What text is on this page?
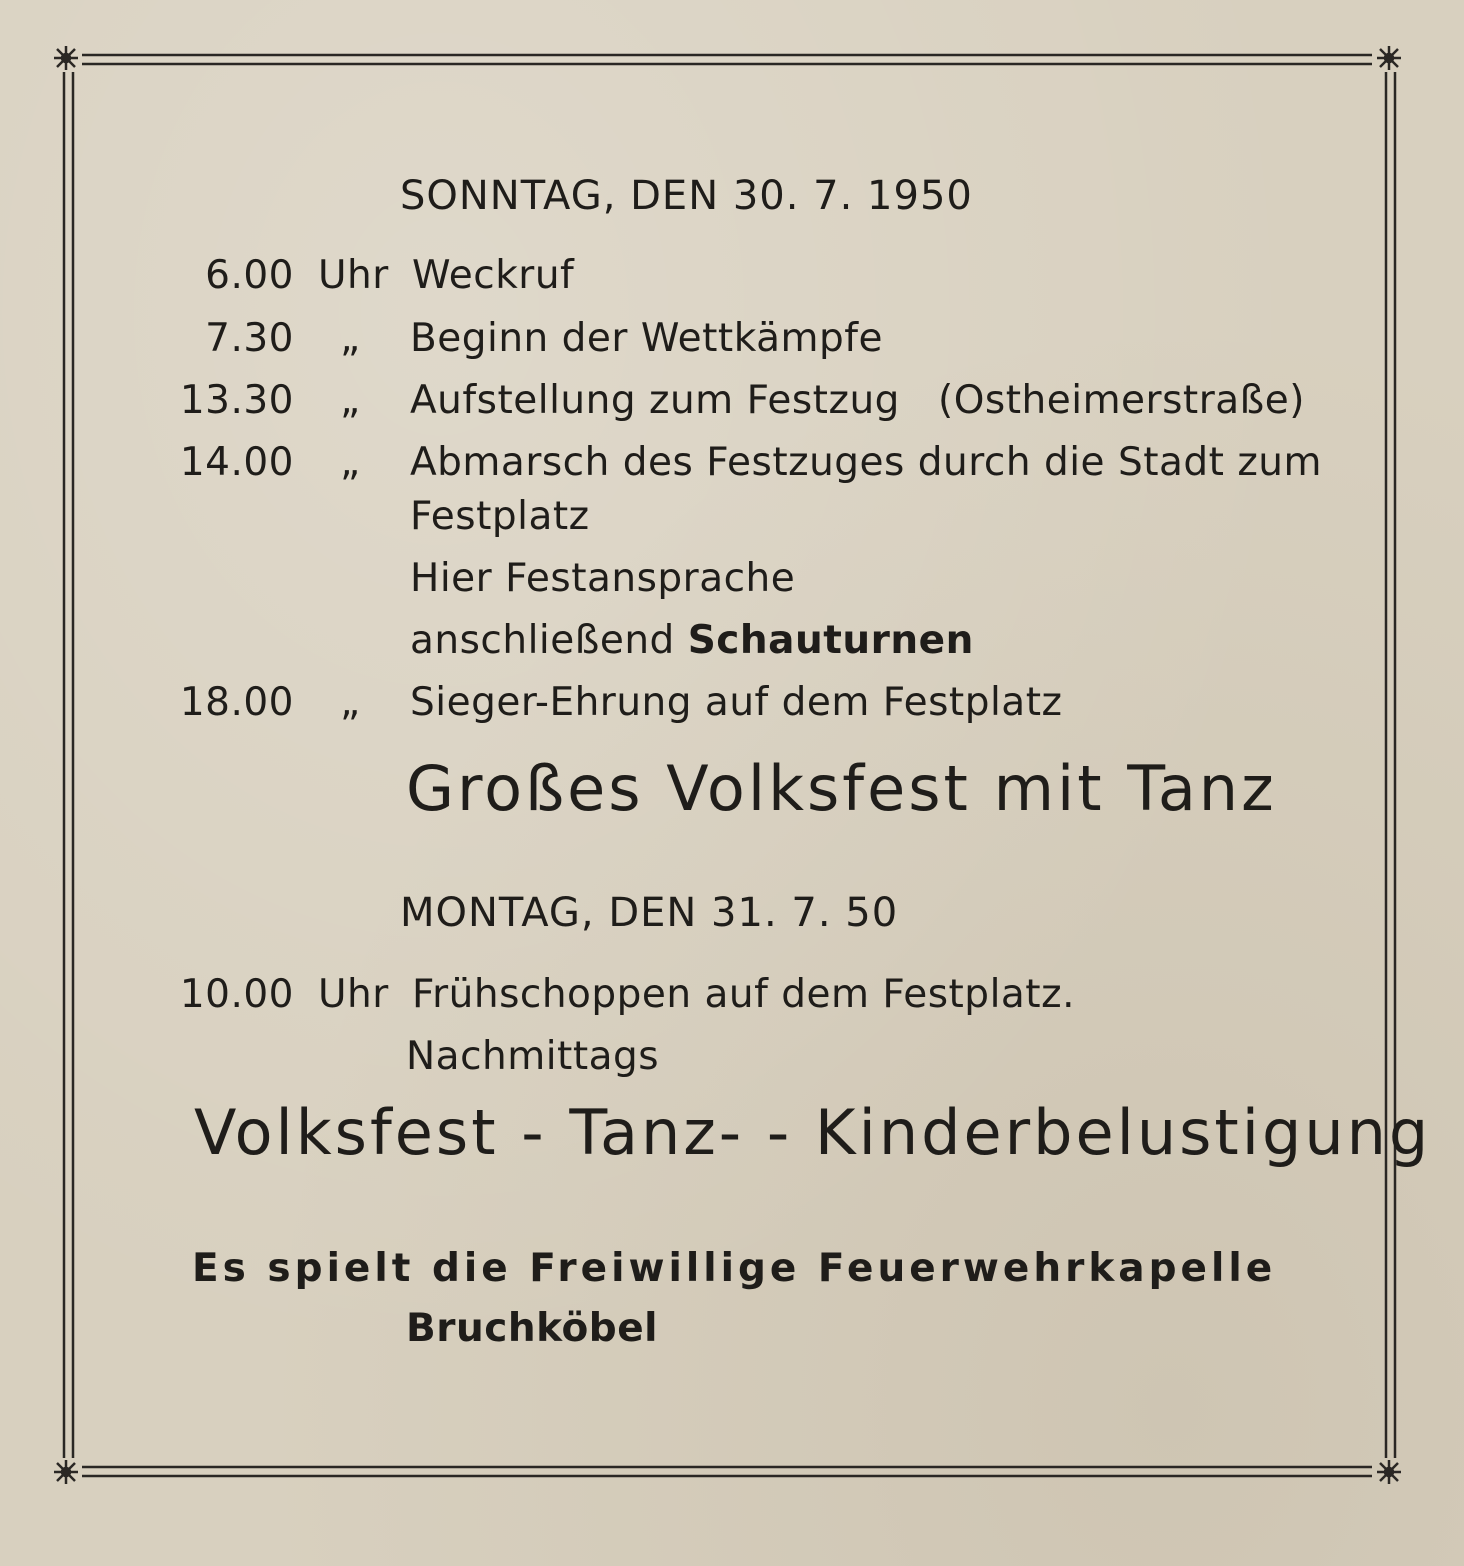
SONNTAG, DEN 30. 7. 1950
6.00 Uhr Weckruf
7.30 „ Beginn der Wettkämpfe
13.30 „ Aufstellung zum Festzug (Ostheimerstraße)
14.00 „ Abmarsch des Festzuges durch die Stadt zum
Festplatz
Hier Festansprache
anschließend Schauturnen
18.00 „ Sieger-Ehrung auf dem Festplatz
Großes Volksfest mit Tanz
MONTAG, DEN 31. 7. 50
10.00 Uhr Frühschoppen auf dem Festplatz.
Nachmittags
Volksfest - Tanz- - Kinderbelustigung
Es spielt die Freiwillige Feuerwehrkapelle
Bruchköbel
